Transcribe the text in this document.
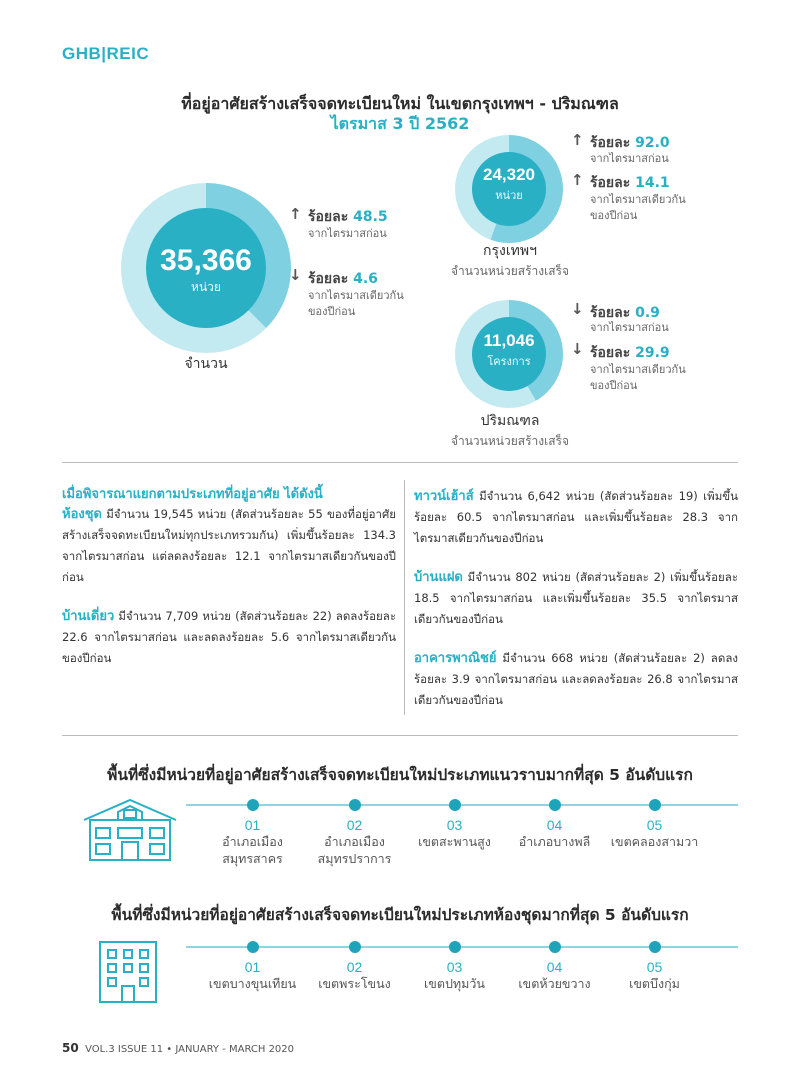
GHB|REIC
ที่อยู่อาศัยสร้างเสร็จจดทะเบียนใหม่ ในเขตกรุงเทพฯ - ปริมณฑล
ไตรมาส 3 ปี 2562
35,366
หน่วย
จำนวน
↑ ร้อยละ 48.5
จากไตรมาสก่อน
↓ ร้อยละ 4.6
จากไตรมาสเดียวกัน
ของปีก่อน
24,320
หน่วย
กรุงเทพฯ
จำนวนหน่วยสร้างเสร็จ
↑ ร้อยละ 92.0
จากไตรมาสก่อน
↑ ร้อยละ 14.1
จากไตรมาสเดียวกัน
ของปีก่อน
11,046
โครงการ
ปริมณฑล
จำนวนหน่วยสร้างเสร็จ
↓ ร้อยละ 0.9
จากไตรมาสก่อน
↓ ร้อยละ 29.9
จากไตรมาสเดียวกัน
ของปีก่อน
เมื่อพิจารณาแยกตามประเภทที่อยู่อาศัย ได้ดังนี้
ห้องชุด มีจำนวน 19,545 หน่วย (สัดส่วนร้อยละ 55 ของที่อยู่อาศัยสร้างเสร็จจดทะเบียนใหม่ทุกประเภทรวมกัน) เพิ่มขึ้นร้อยละ 134.3 จากไตรมาสก่อน แต่ลดลงร้อยละ 12.1 จากไตรมาสเดียวกันของปีก่อน
บ้านเดี่ยว มีจำนวน 7,709 หน่วย (สัดส่วนร้อยละ 22) ลดลงร้อยละ 22.6 จากไตรมาสก่อน และลดลงร้อยละ 5.6 จากไตรมาสเดียวกันของปีก่อน
ทาวน์เฮ้าส์ มีจำนวน 6,642 หน่วย (สัดส่วนร้อยละ 19) เพิ่มขึ้นร้อยละ 60.5 จากไตรมาสก่อน และเพิ่มขึ้นร้อยละ 28.3 จากไตรมาสเดียวกันของปีก่อน
บ้านแฝด มีจำนวน 802 หน่วย (สัดส่วนร้อยละ 2) เพิ่มขึ้นร้อยละ 18.5 จากไตรมาสก่อน และเพิ่มขึ้นร้อยละ 35.5 จากไตรมาสเดียวกันของปีก่อน
อาคารพาณิชย์ มีจำนวน 668 หน่วย (สัดส่วนร้อยละ 2) ลดลงร้อยละ 3.9 จากไตรมาสก่อน และลดลงร้อยละ 26.8 จากไตรมาสเดียวกันของปีก่อน
พื้นที่ซึ่งมีหน่วยที่อยู่อาศัยสร้างเสร็จจดทะเบียนใหม่ประเภทแนวราบมากที่สุด 5 อันดับแรก
01
อำเภอเมือง
สมุทรสาคร
02
อำเภอเมือง
สมุทรปราการ
03
เขตสะพานสูง
04
อำเภอบางพลี
05
เขตคลองสามวา
พื้นที่ซึ่งมีหน่วยที่อยู่อาศัยสร้างเสร็จจดทะเบียนใหม่ประเภทห้องชุดมากที่สุด 5 อันดับแรก
01
เขตบางขุนเทียน
02
เขตพระโขนง
03
เขตปทุมวัน
04
เขตห้วยขวาง
05
เขตบึงกุ่ม
50 VOL.3 ISSUE 11 • JANUARY - MARCH 2020
